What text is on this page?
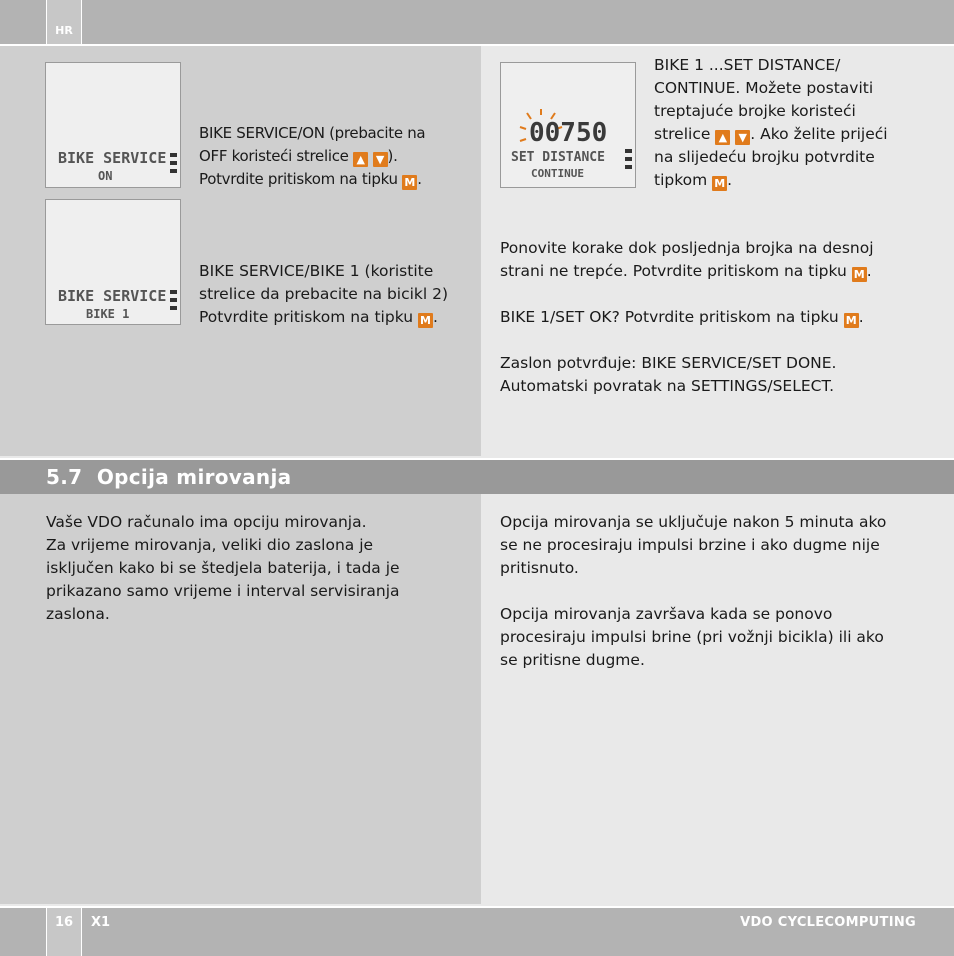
HR
BIKE SERVICE
ON

BIKE SERVICE/ON (prebacite na

OFF koristeći strelice ▲ ▼ ).

Potvrdite pritiskom na tipku M .

BIKE SERVICE
BIKE 1

BIKE SERVICE/BIKE 1 (koristite

strelice da prebacite na bicikl 2)

Potvrdite pritiskom na tipku M .

00750
SET DISTANCE
CONTINUE

BIKE 1 ...SET DISTANCE/

CONTINUE. Možete postaviti

treptajuće brojke koristeći

strelice ▲ ▼ . Ako želite prijeći

na slijedeću brojku potvrdite

tipkom M .

Ponovite korake dok posljednja brojka na desnoj

strani ne trepće. Potvrdite pritiskom na tipku M .

BIKE 1/SET OK? Potvrdite pritiskom na tipku M .

Zaslon potvrđuje: BIKE SERVICE/SET DONE.

Automatski povratak na SETTINGS/SELECT.

5.7  Opcija mirovanja

Vaše VDO računalo ima opciju mirovanja.

Za vrijeme mirovanja, veliki dio zaslona je

isključen kako bi se štedjela baterija, i tada je

prikazano samo vrijeme i interval servisiranja

zaslona.

Opcija mirovanja se uključuje nakon 5 minuta ako

se ne procesiraju impulsi brzine i ako dugme nije

pritisnuto.

Opcija mirovanja završava kada se ponovo

procesiraju impulsi brine (pri vožnji bicikla) ili ako

se pritisne dugme.

16	X1	VDO CYCLECOMPUTING
